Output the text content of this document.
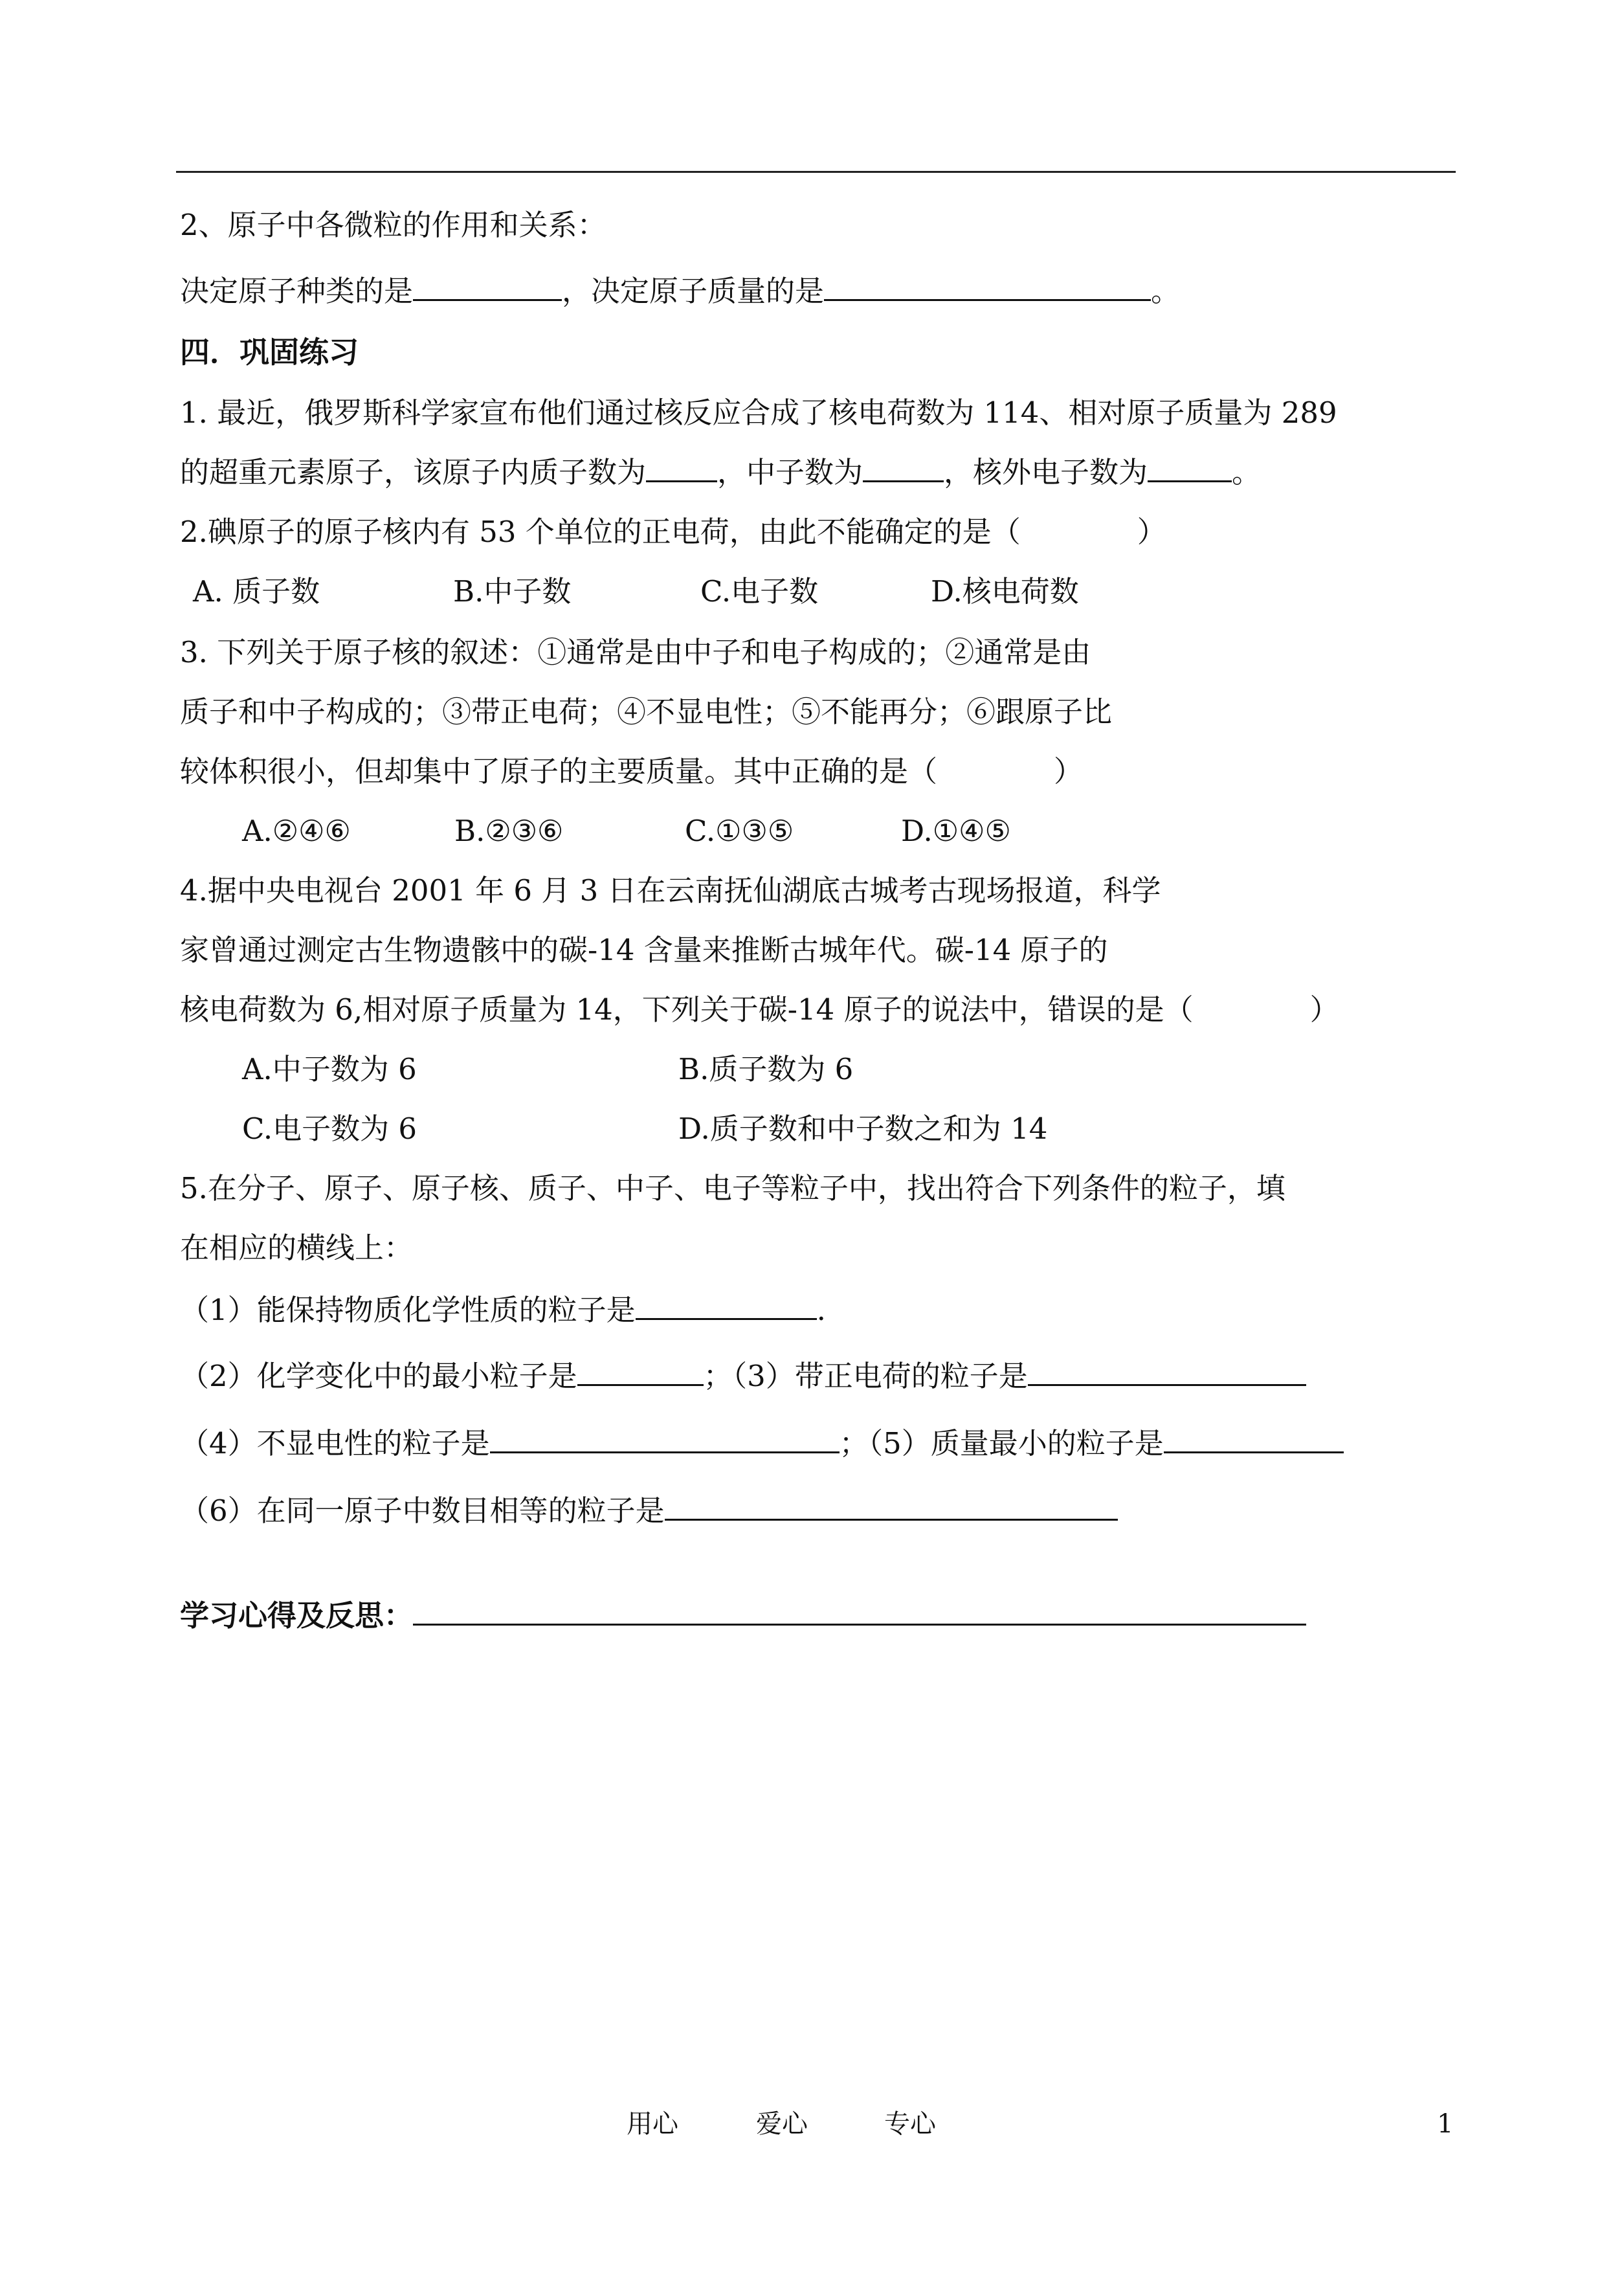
2、原子中各微粒的作用和关系：
决定原子种类的是	，决定原子质量的是	。
四．巩固练习
1. 最近，俄罗斯科学家宣布他们通过核反应合成了核电荷数为 114、相对原子质量为 289
的超重元素原子，该原子内质子数为 ，中子数为	，核外电子数为	。
2.碘原子的原子核内有 53 个单位的正电荷，由此不能确定的是（　　　　）
A. 质子数	B.中子数	C.电子数	D.核电荷数
3. 下列关于原子核的叙述：①通常是由中子和电子构成的；②通常是由
质子和中子构成的；③带正电荷；④不显电性；⑤不能再分；⑥跟原子比
较体积很小，但却集中了原子的主要质量。其中正确的是（　　　　）
A.②④⑥	B.②③⑥	C.①③⑤	D.①④⑤
4.据中央电视台 2001 年 6 月 3 日在云南抚仙湖底古城考古现场报道，科学
家曾通过测定古生物遗骸中的碳-14 含量来推断古城年代。碳-14 原子的
核电荷数为 6,相对原子质量为 14，下列关于碳-14 原子的说法中，错误的是（　　　　）
A.中子数为 6	B.质子数为 6
C.电子数为 6	D.质子数和中子数之和为 14
5.在分子、原子、原子核、质子、中子、电子等粒子中，找出符合下列条件的粒子，填
在相应的横线上：
（1）能保持物质化学性质的粒子是	.
（2）化学变化中的最小粒子是	；（3）带正电荷的粒子是
（4）不显电性的粒子是	；（5）质量最小的粒子是
（6）在同一原子中数目相等的粒子是
学习心得及反思：
用心	爱心	专心	1
